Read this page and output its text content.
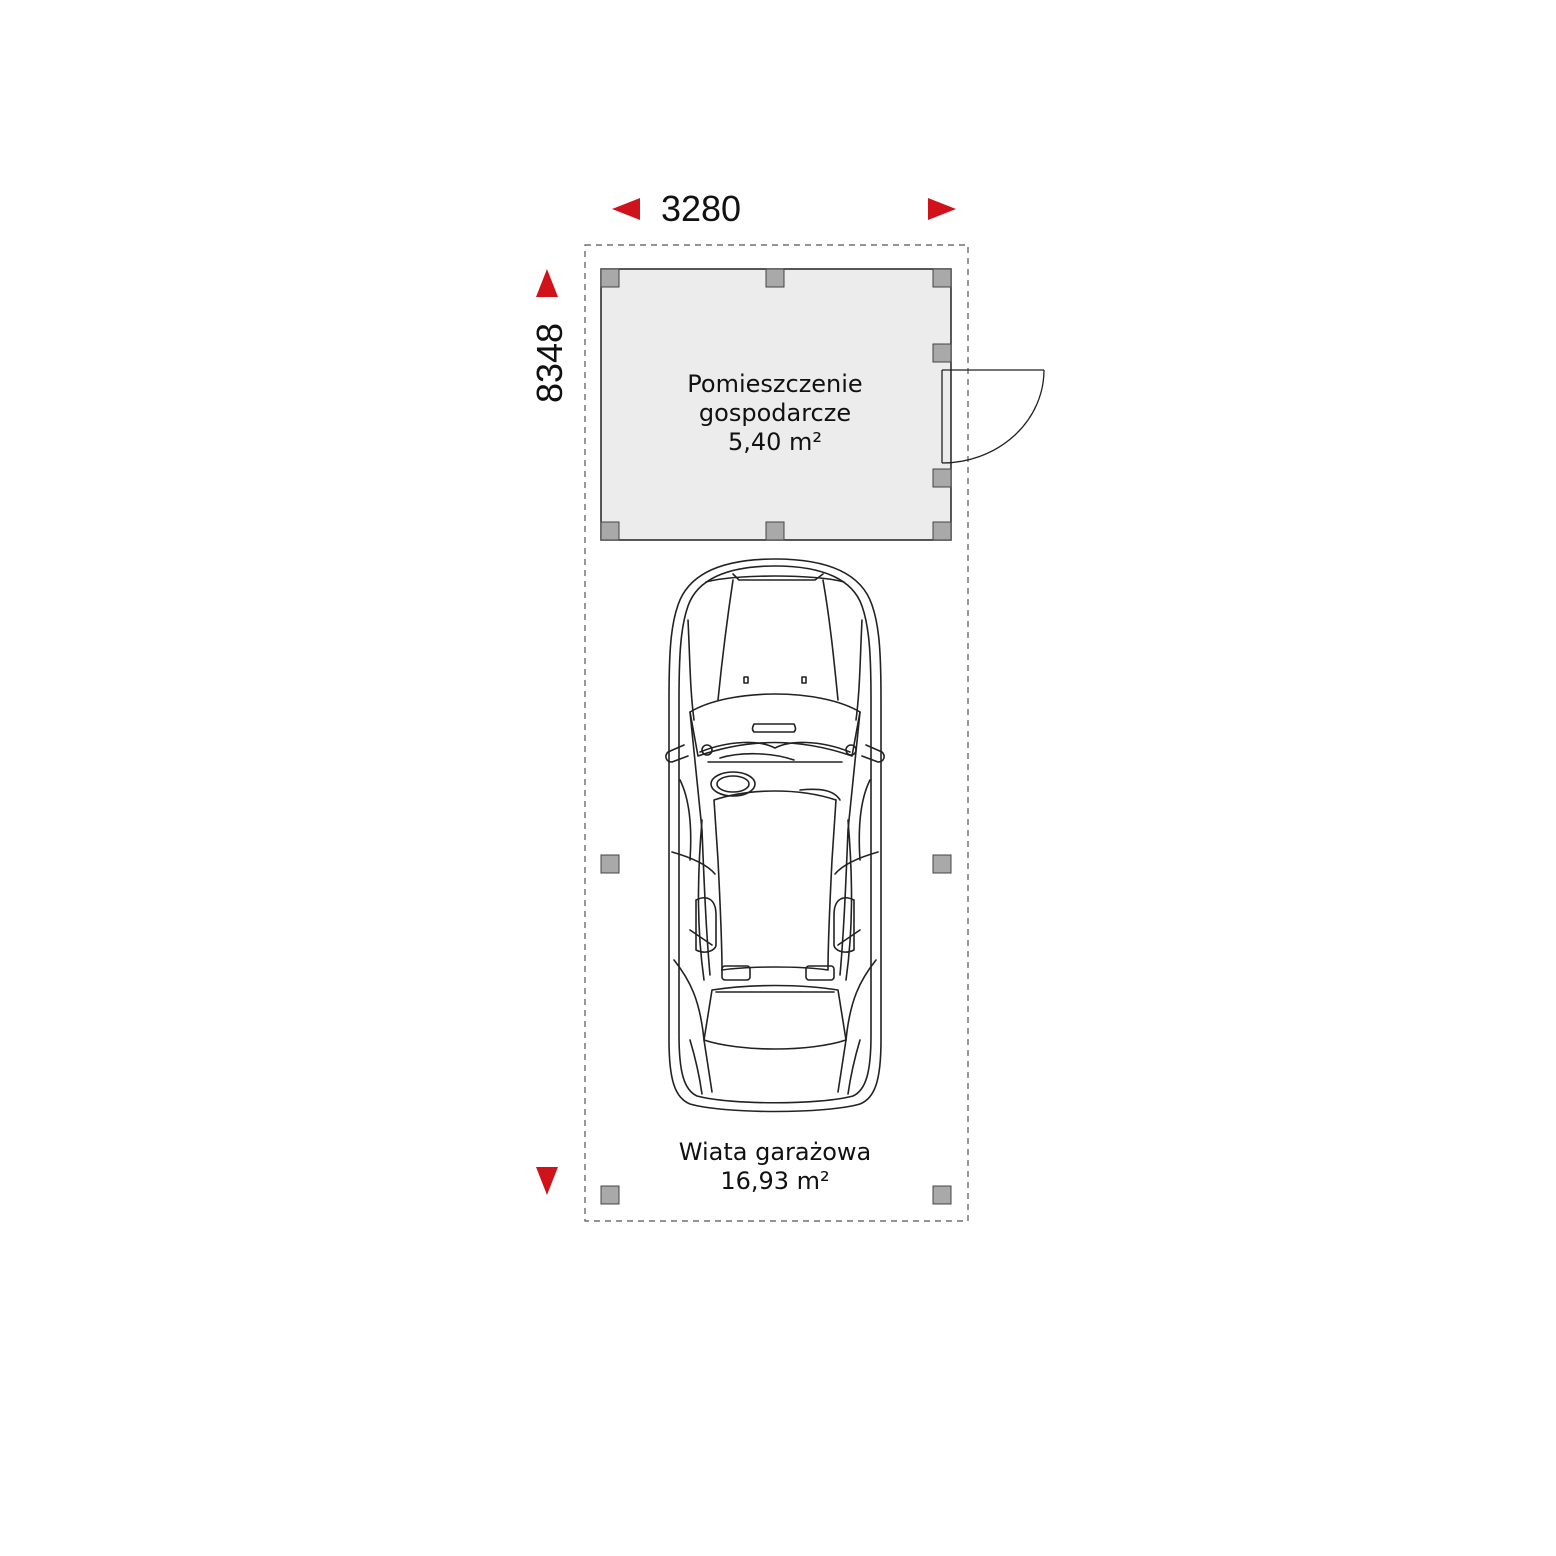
3280
8348	Pomieszczenie
gospodarcze
5,40 m²
Wiata garażowa
16,93 m²
